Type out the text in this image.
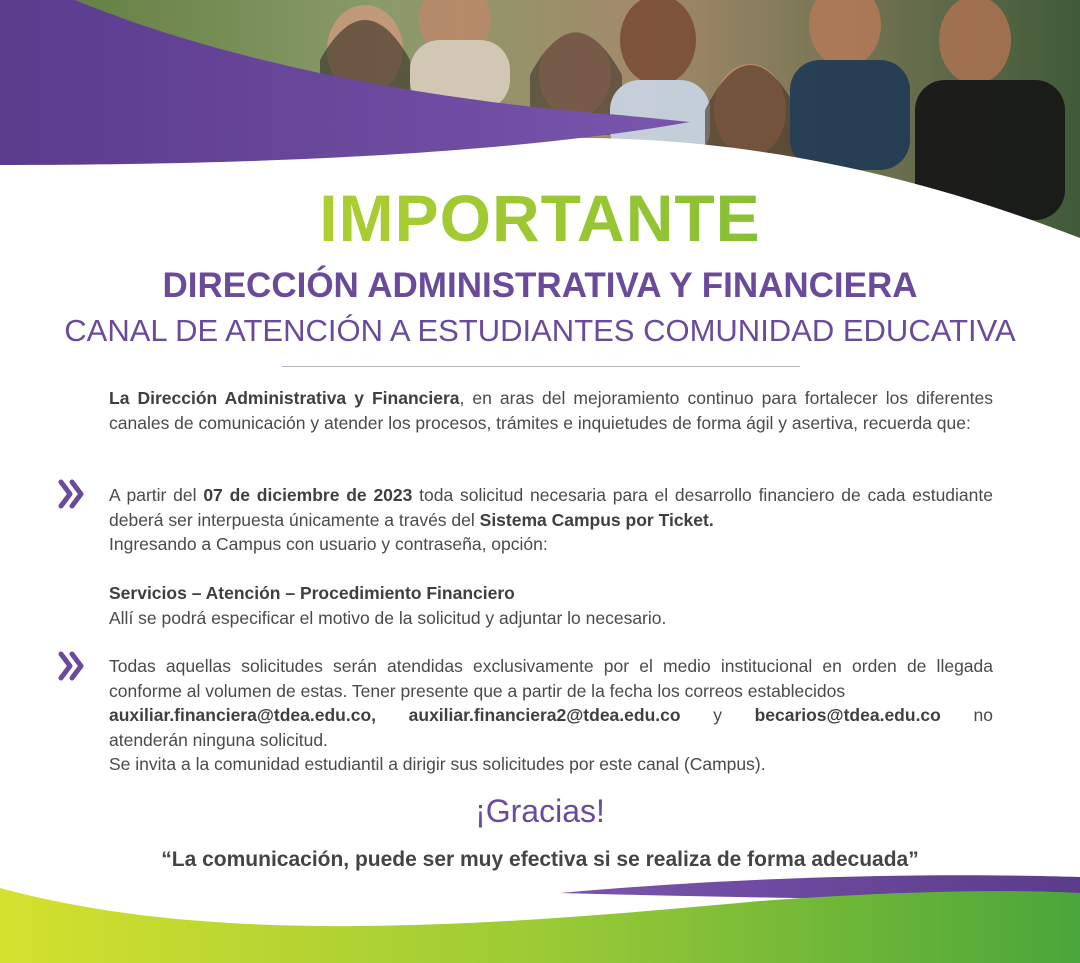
IMPORTANTE
DIRECCIÓN ADMINISTRATIVA Y FINANCIERA
CANAL DE ATENCIÓN A ESTUDIANTES COMUNIDAD EDUCATIVA
La Dirección Administrativa y Financiera, en aras del mejoramiento continuo para fortalecer los diferentes canales de comunicación y atender los procesos, trámites e inquietudes de forma ágil y asertiva, recuerda que:
A partir del 07 de diciembre de 2023 toda solicitud necesaria para el desarrollo financiero de cada estudiante deberá ser interpuesta únicamente a través del Sistema Campus por Ticket.
Ingresando a Campus con usuario y contraseña, opción:
Servicios – Atención – Procedimiento Financiero
Allí se podrá especificar el motivo de la solicitud y adjuntar lo necesario.
Todas aquellas solicitudes serán atendidas exclusivamente por el medio institucional en orden de llegada conforme al volumen de estas. Tener presente que a partir de la fecha los correos establecidos
auxiliar.financiera@tdea.edu.co, auxiliar.financiera2@tdea.edu.co y becarios@tdea.edu.co no
atenderán ninguna solicitud.
Se invita a la comunidad estudiantil a dirigir sus solicitudes por este canal (Campus).
¡Gracias!
“La comunicación, puede ser muy efectiva si se realiza de forma adecuada”
